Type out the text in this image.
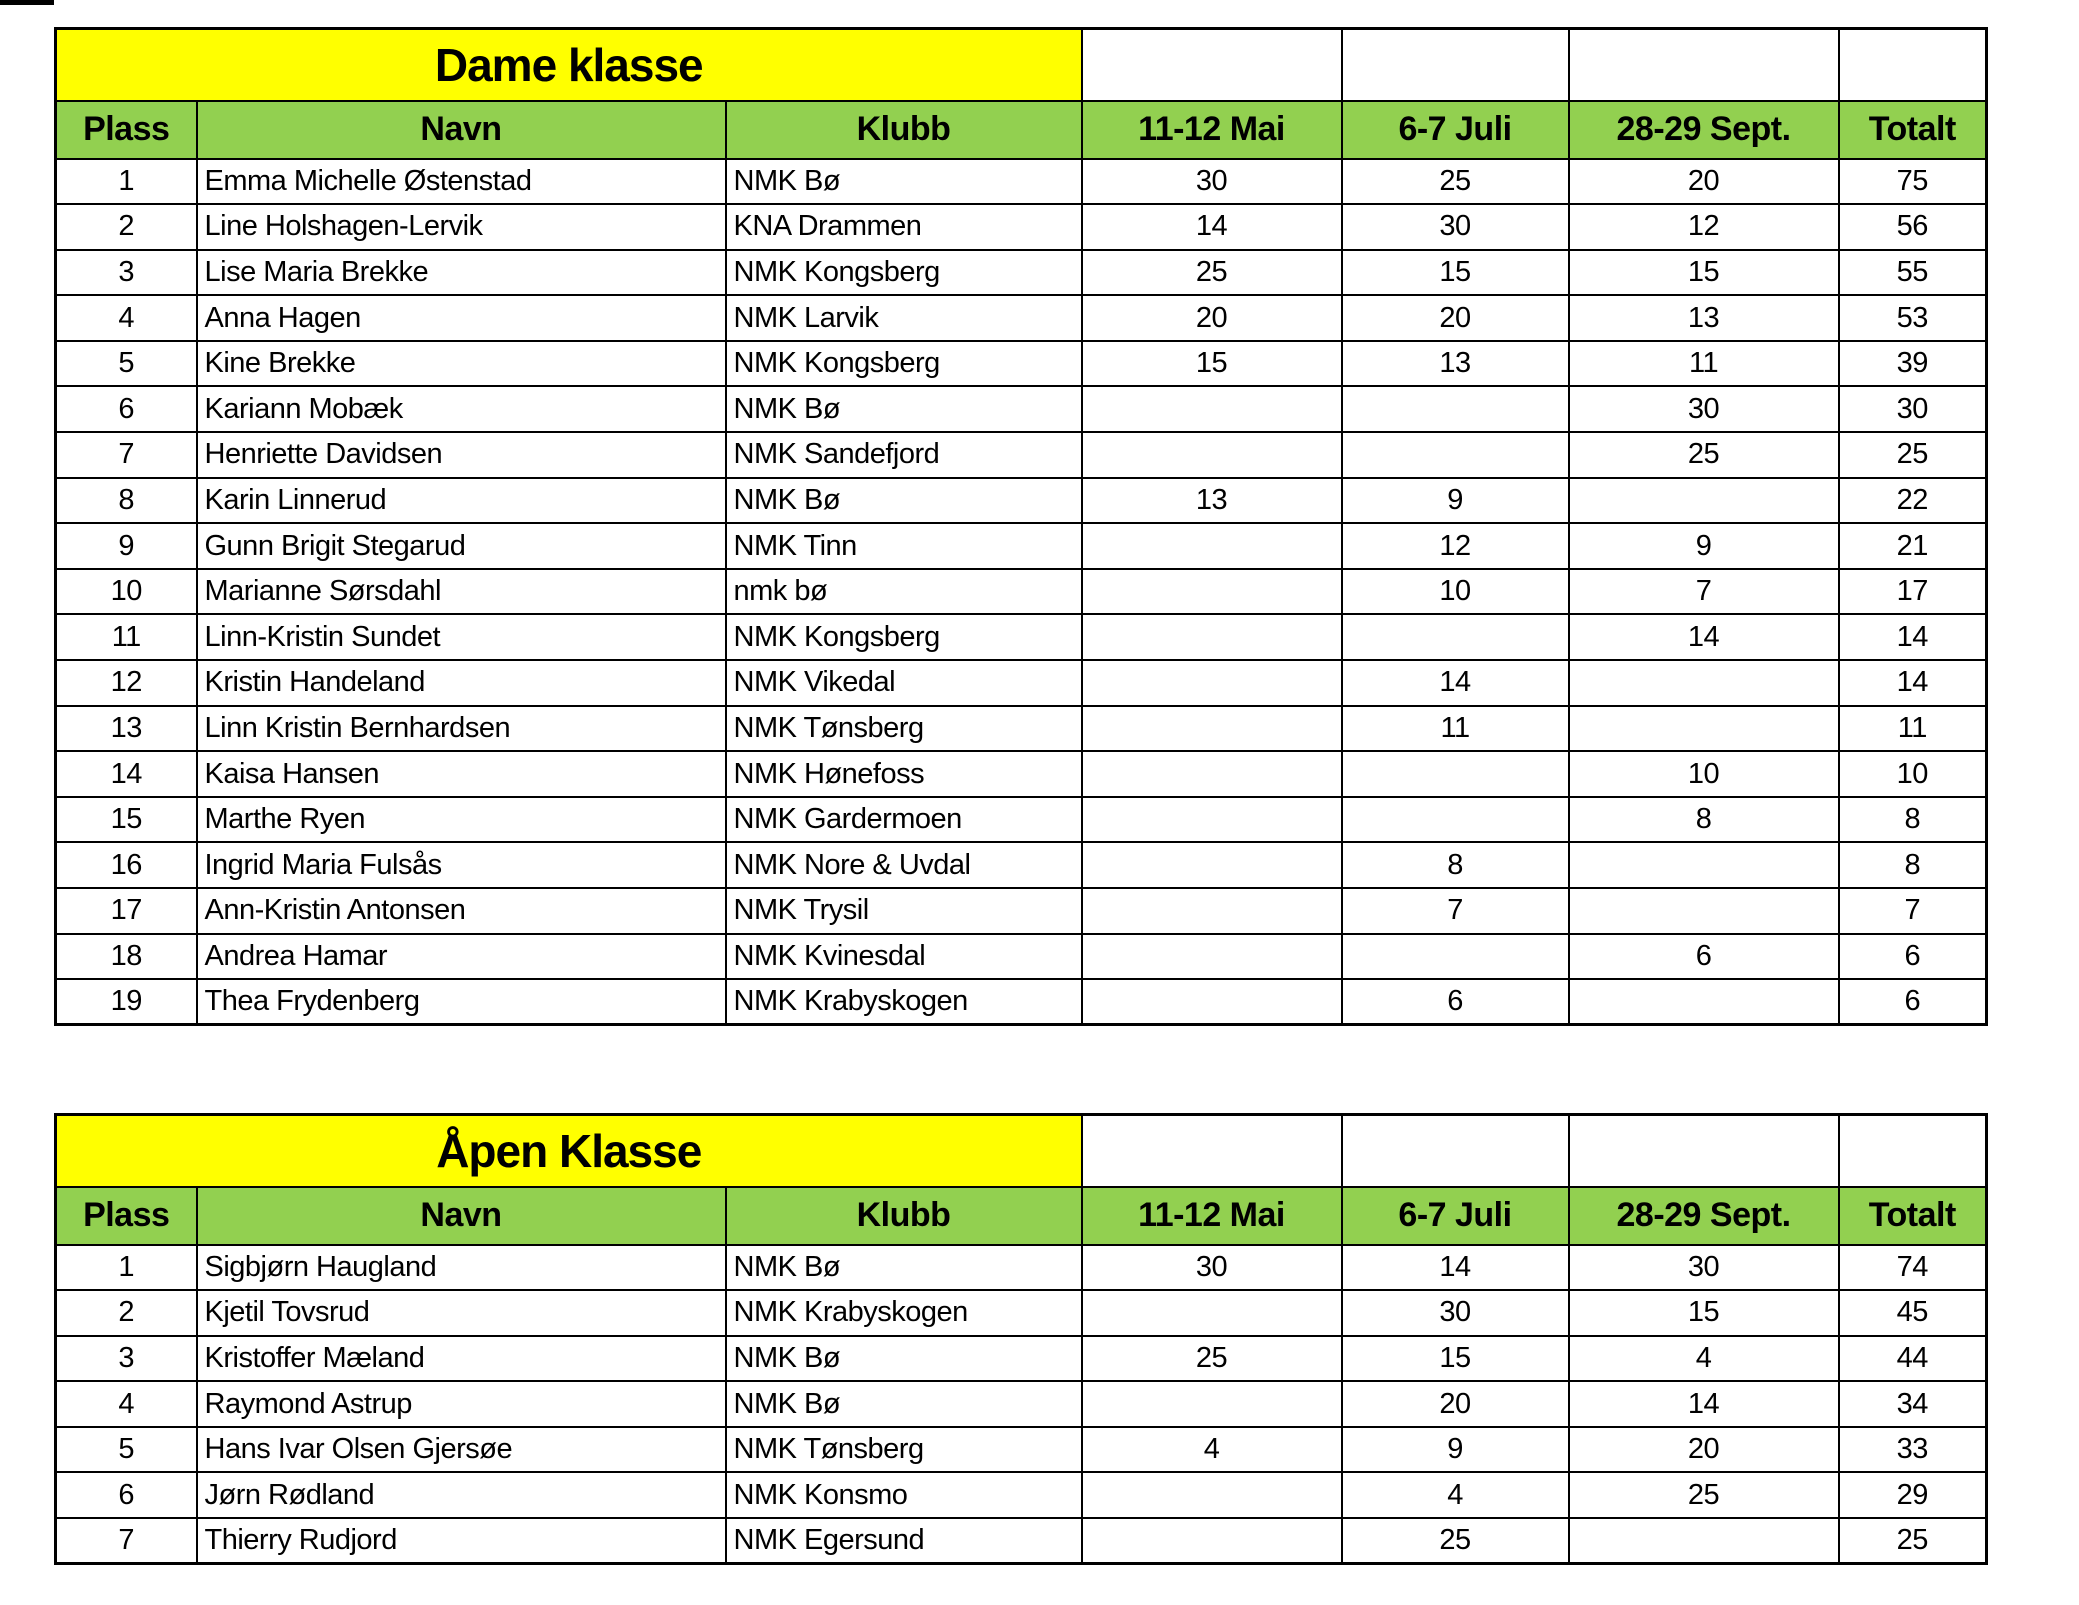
Dame klasse						
Plass	Navn	Klubb	11-12 Mai	6-7 Juli	28-29 Sept.	Totalt
1	Emma Michelle Østenstad	NMK Bø	30	25	20	75
2	Line Holshagen-Lervik	KNA Drammen	14	30	12	56
3	Lise Maria Brekke	NMK Kongsberg	25	15	15	55
4	Anna Hagen	NMK Larvik	20	20	13	53
5	Kine Brekke	NMK Kongsberg	15	13	11	39
6	Kariann Mobæk	NMK Bø			30	30
7	Henriette Davidsen	NMK Sandefjord			25	25
8	Karin Linnerud	NMK Bø	13	9		22
9	Gunn Brigit Stegarud	NMK Tinn		12	9	21
10	Marianne Sørsdahl	nmk bø		10	7	17
11	Linn-Kristin Sundet	NMK Kongsberg			14	14
12	Kristin Handeland	NMK Vikedal		14		14
13	Linn Kristin Bernhardsen	NMK Tønsberg		11		11
14	Kaisa Hansen	NMK Hønefoss			10	10
15	Marthe Ryen	NMK Gardermoen			8	8
16	Ingrid Maria Fulsås	NMK Nore & Uvdal		8		8
17	Ann-Kristin Antonsen	NMK Trysil		7		7
18	Andrea Hamar	NMK Kvinesdal			6	6
19	Thea Frydenberg	NMK Krabyskogen		6		6
Åpen Klasse						
Plass	Navn	Klubb	11-12 Mai	6-7 Juli	28-29 Sept.	Totalt
1	Sigbjørn Haugland	NMK Bø	30	14	30	74
2	Kjetil Tovsrud	NMK Krabyskogen		30	15	45
3	Kristoffer Mæland	NMK Bø	25	15	4	44
4	Raymond Astrup	NMK Bø		20	14	34
5	Hans Ivar Olsen Gjersøe	NMK Tønsberg	4	9	20	33
6	Jørn Rødland	NMK Konsmo		4	25	29
7	Thierry Rudjord	NMK Egersund		25		25
